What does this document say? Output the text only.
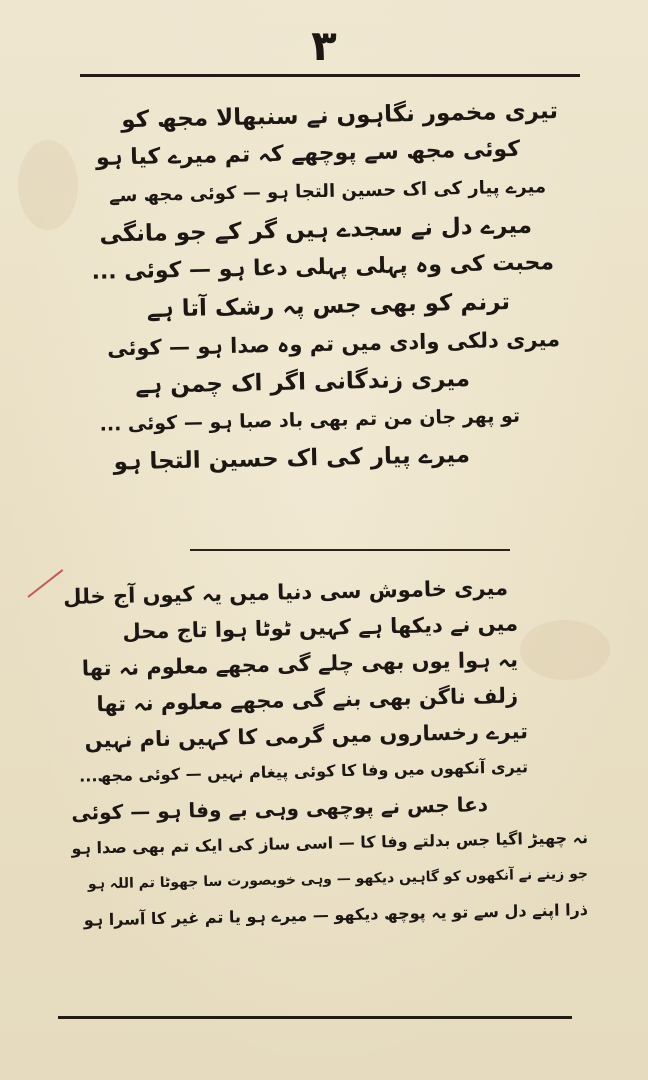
۳
تیری مخمور نگاہوں نے سنبھالا مجھ کو
کوئی مجھ سے پوچھے کہ تم میرے کیا ہو
میرے پیار کی اک حسین التجا ہو — کوئی مجھ سے
میرے دل نے سجدے ہیں گر کے جو مانگی
محبت کی وہ پہلی پہلی دعا ہو — کوئی ...
ترنم کو بھی جس پہ رشک آتا ہے
میری دلکی وادی میں تم وہ صدا ہو — کوئی
میری زندگانی اگر اک چمن ہے
تو پھر جان من تم بھی باد صبا ہو — کوئی ...
میرے پیار کی اک حسین التجا ہو
میری خاموش سی دنیا میں یہ کیوں آج خلل
میں نے دیکھا ہے کہیں ٹوٹا ہوا تاج محل
یہ ہوا یوں بھی چلے گی مجھے معلوم نہ تھا
زلف ناگن بھی بنے گی مجھے معلوم نہ تھا
تیرے رخساروں میں گرمی کا کہیں نام نہیں
تیری آنکھوں میں وفا کا کوئی پیغام نہیں — کوئی مجھ...
دعا جس نے پوچھی وہی بے وفا ہو — کوئی
نہ چھیڑ اگیا جس بدلتے وفا کا — اسی ساز کی ایک تم بھی صدا ہو
جو زینے نے آنکھوں کو گاہیں دیکھو — وہی خوبصورت سا جھوٹا تم اللہ ہو
ذرا اپنے دل سے تو یہ پوچھ دیکھو — میرے ہو یا تم غیر کا آسرا ہو
